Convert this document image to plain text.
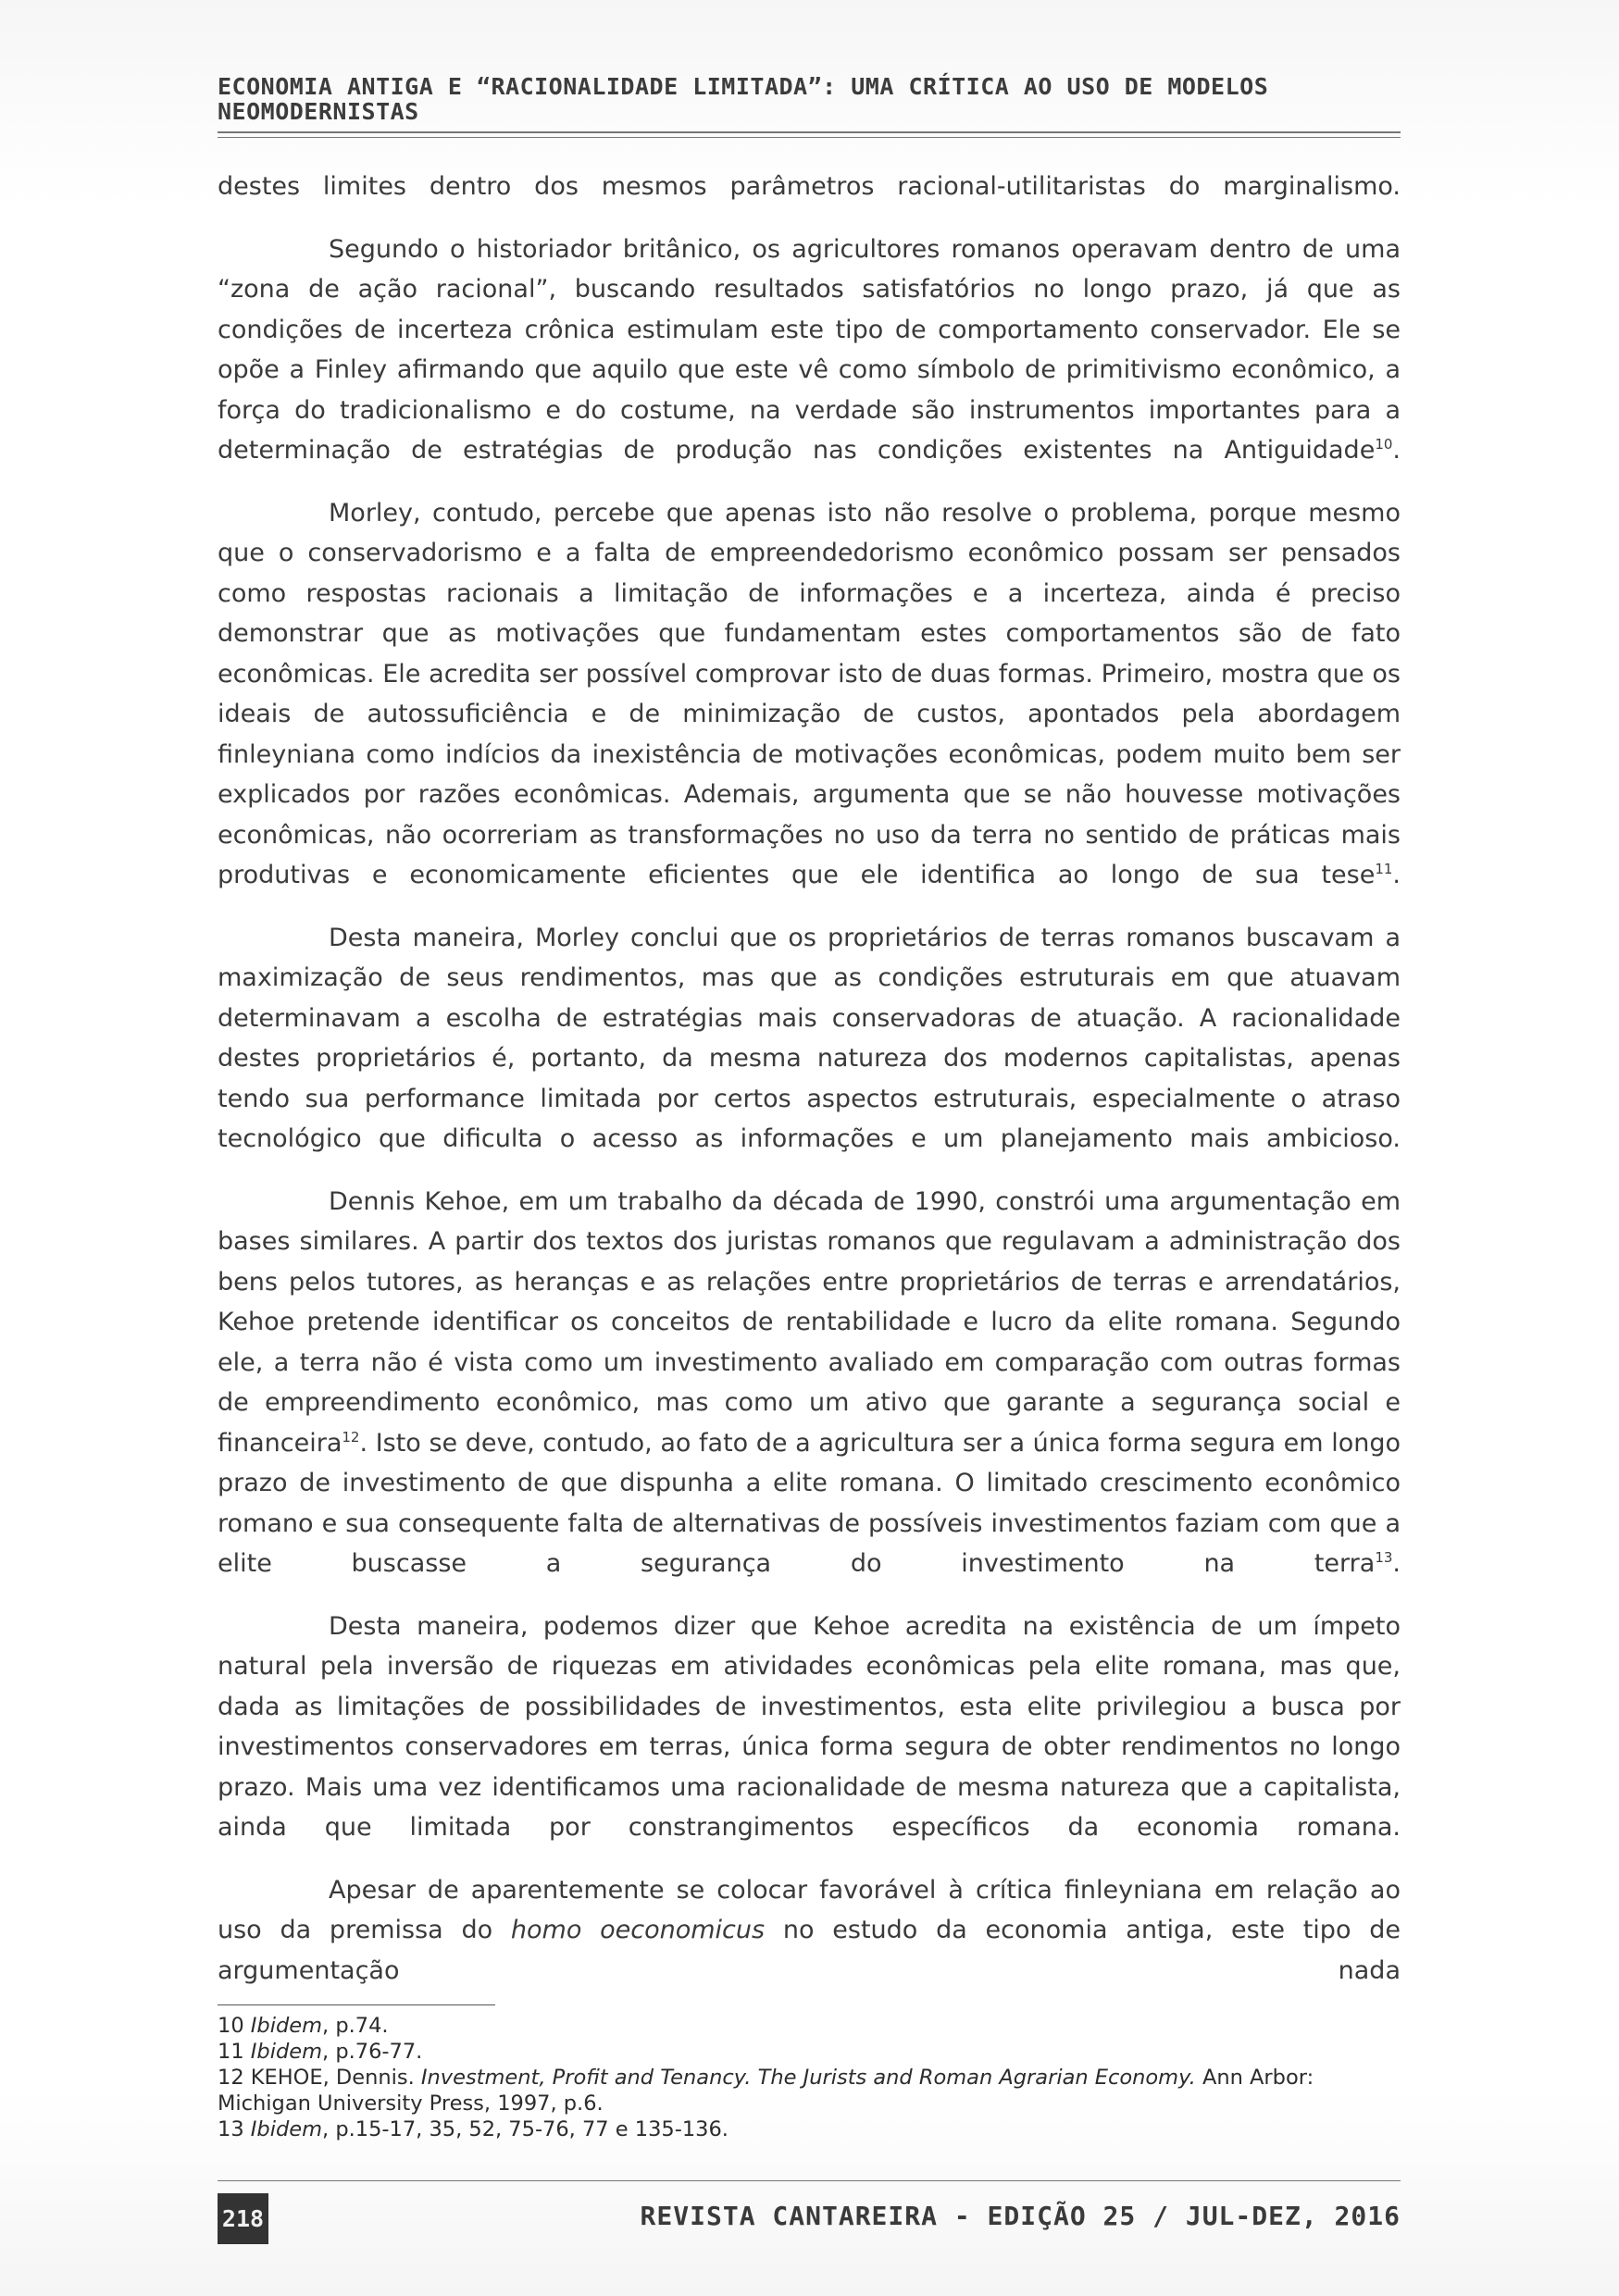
ECONOMIA ANTIGA E “RACIONALIDADE LIMITADA”: UMA CRÍTICA AO USO DE MODELOS NEOMODERNISTAS

destes limites dentro dos mesmos parâmetros racional-utilitaristas do marginalismo.

Segundo o historiador britânico, os agricultores romanos operavam dentro de uma “zona de ação racional”, buscando resultados satisfatórios no longo prazo, já que as condições de incerteza crônica estimulam este tipo de comportamento conservador. Ele se opõe a Finley afirmando que aquilo que este vê como símbolo de primitivismo econômico, a força do tradicionalismo e do costume, na verdade são instrumentos importantes para a determinação de estratégias de produção nas condições existentes na Antiguidade$^{10}$.

Morley, contudo, percebe que apenas isto não resolve o problema, porque mesmo que o conservadorismo e a falta de empreendedorismo econômico possam ser pensados como respostas racionais a limitação de informações e a incerteza, ainda é preciso demonstrar que as motivações que fundamentam estes comportamentos são de fato econômicas. Ele acredita ser possível comprovar isto de duas formas. Primeiro, mostra que os ideais de autossuficiência e de minimização de custos, apontados pela abordagem finleyniana como indícios da inexistência de motivações econômicas, podem muito bem ser explicados por razões econômicas. Ademais, argumenta que se não houvesse motivações econômicas, não ocorreriam as transformações no uso da terra no sentido de práticas mais produtivas e economicamente eficientes que ele identifica ao longo de sua tese$^{11}$.

Desta maneira, Morley conclui que os proprietários de terras romanos buscavam a maximização de seus rendimentos, mas que as condições estruturais em que atuavam determinavam a escolha de estratégias mais conservadoras de atuação. A racionalidade destes proprietários é, portanto, da mesma natureza dos modernos capitalistas, apenas tendo sua performance limitada por certos aspectos estruturais, especialmente o atraso tecnológico que dificulta o acesso as informações e um planejamento mais ambicioso.

Dennis Kehoe, em um trabalho da década de 1990, constrói uma argumentação em bases similares. A partir dos textos dos juristas romanos que regulavam a administração dos bens pelos tutores, as heranças e as relações entre proprietários de terras e arrendatários, Kehoe pretende identificar os conceitos de rentabilidade e lucro da elite romana. Segundo ele, a terra não é vista como um investimento avaliado em comparação com outras formas de empreendimento econômico, mas como um ativo que garante a segurança social e financeira$^{12}$. Isto se deve, contudo, ao fato de a agricultura ser a única forma segura em longo prazo de investimento de que dispunha a elite romana. O limitado crescimento econômico romano e sua consequente falta de alternativas de possíveis investimentos faziam com que a elite buscasse a segurança do investimento na terra$^{13}$.

Desta maneira, podemos dizer que Kehoe acredita na existência de um ímpeto natural pela inversão de riquezas em atividades econômicas pela elite romana, mas que, dada as limitações de possibilidades de investimentos, esta elite privilegiou a busca por investimentos conservadores em terras, única forma segura de obter rendimentos no longo prazo. Mais uma vez identificamos uma racionalidade de mesma natureza que a capitalista, ainda que limitada por constrangimentos específicos da economia romana.

Apesar de aparentemente se colocar favorável à crítica finleyniana em relação ao uso da premissa do homo oeconomicus no estudo da economia antiga, este tipo de argumentação nada

10 Ibidem, p.74.

11 Ibidem, p.76-77.

12 KEHOE, Dennis. Investment, Profit and Tenancy. The Jurists and Roman Agrarian Economy. Ann Arbor: Michigan University Press, 1997, p.6.

13 Ibidem, p.15-17, 35, 52, 75-76, 77 e 135-136.

218	REVISTA CANTAREIRA - EDIÇÃO 25 / JUL-DEZ, 2016
